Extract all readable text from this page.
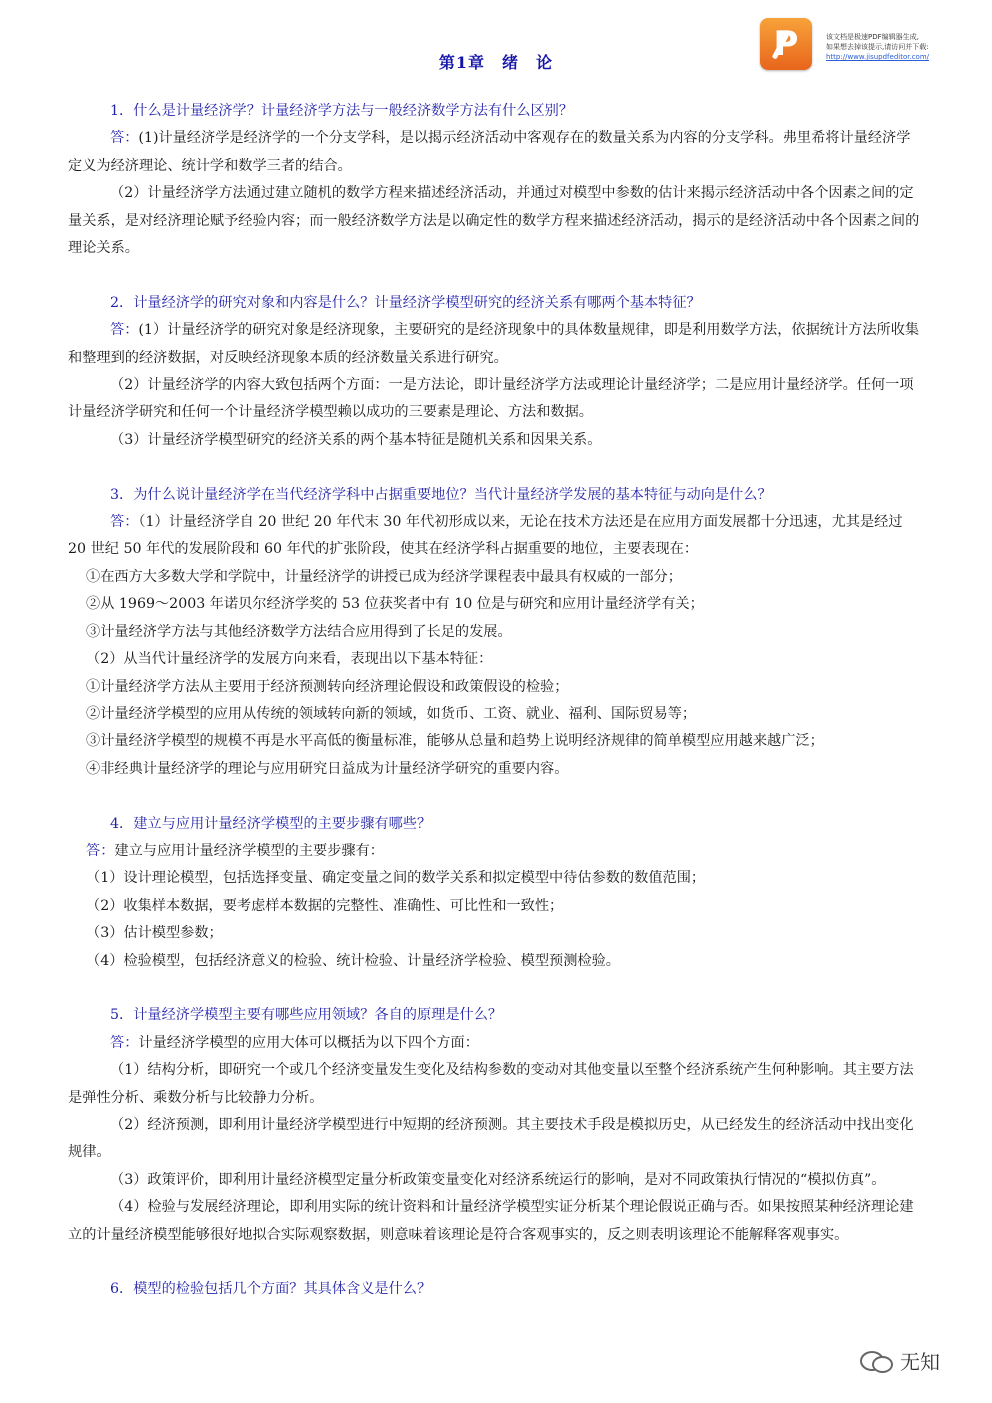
P	该文档是极速PDF编辑器生成,
如果想去掉该提示,请访问并下载:
http://www.jisupdfeditor.com/
第1章　绪　论

1．什么是计量经济学？计量经济学方法与一般经济数学方法有什么区别？

答：(1)计量经济学是经济学的一个分支学科，是以揭示经济活动中客观存在的数量关系为内容的分支学科。弗里希将计量经济学定义为经济理论、统计学和数学三者的结合。

（2）计量经济学方法通过建立随机的数学方程来描述经济活动，并通过对模型中参数的估计来揭示经济活动中各个因素之间的定量关系，是对经济理论赋予经验内容；而一般经济数学方法是以确定性的数学方程来描述经济活动，揭示的是经济活动中各个因素之间的理论关系。

2．计量经济学的研究对象和内容是什么？计量经济学模型研究的经济关系有哪两个基本特征？

答：(1）计量经济学的研究对象是经济现象，主要研究的是经济现象中的具体数量规律，即是利用数学方法，依据统计方法所收集和整理到的经济数据，对反映经济现象本质的经济数量关系进行研究。

（2）计量经济学的内容大致包括两个方面：一是方法论，即计量经济学方法或理论计量经济学；二是应用计量经济学。任何一项计量经济学研究和任何一个计量经济学模型赖以成功的三要素是理论、方法和数据。

（3）计量经济学模型研究的经济关系的两个基本特征是随机关系和因果关系。

3．为什么说计量经济学在当代经济学科中占据重要地位？当代计量经济学发展的基本特征与动向是什么？

答：（1）计量经济学自 20 世纪 20 年代末 30 年代初形成以来，无论在技术方法还是在应用方面发展都十分迅速，尤其是经过 20 世纪 50 年代的发展阶段和 60 年代的扩张阶段，使其在经济学科占据重要的地位，主要表现在：

①在西方大多数大学和学院中，计量经济学的讲授已成为经济学课程表中最具有权威的一部分；

②从 1969～2003 年诺贝尔经济学奖的 53 位获奖者中有 10 位是与研究和应用计量经济学有关；

③计量经济学方法与其他经济数学方法结合应用得到了长足的发展。

（2）从当代计量经济学的发展方向来看，表现出以下基本特征：

①计量经济学方法从主要用于经济预测转向经济理论假设和政策假设的检验；

②计量经济学模型的应用从传统的领域转向新的领域，如货币、工资、就业、福利、国际贸易等；

③计量经济学模型的规模不再是水平高低的衡量标准，能够从总量和趋势上说明经济规律的简单模型应用越来越广泛；

④非经典计量经济学的理论与应用研究日益成为计量经济学研究的重要内容。

4．建立与应用计量经济学模型的主要步骤有哪些？

答：建立与应用计量经济学模型的主要步骤有：

（1）设计理论模型，包括选择变量、确定变量之间的数学关系和拟定模型中待估参数的数值范围；

（2）收集样本数据，要考虑样本数据的完整性、准确性、可比性和一致性；

（3）估计模型参数；

（4）检验模型，包括经济意义的检验、统计检验、计量经济学检验、模型预测检验。

5．计量经济学模型主要有哪些应用领域？各自的原理是什么？

答：计量经济学模型的应用大体可以概括为以下四个方面：

（1）结构分析，即研究一个或几个经济变量发生变化及结构参数的变动对其他变量以至整个经济系统产生何种影响。其主要方法是弹性分析、乘数分析与比较静力分析。

（2）经济预测，即利用计量经济学模型进行中短期的经济预测。其主要技术手段是模拟历史，从已经发生的经济活动中找出变化规律。

（3）政策评价，即利用计量经济模型定量分析政策变量变化对经济系统运行的影响，是对不同政策执行情况的“模拟仿真”。

（4）检验与发展经济理论，即利用实际的统计资料和计量经济学模型实证分析某个理论假说正确与否。如果按照某种经济理论建立的计量经济模型能够很好地拟合实际观察数据，则意味着该理论是符合客观事实的，反之则表明该理论不能解释客观事实。

6．模型的检验包括几个方面？其具体含义是什么？

无知
